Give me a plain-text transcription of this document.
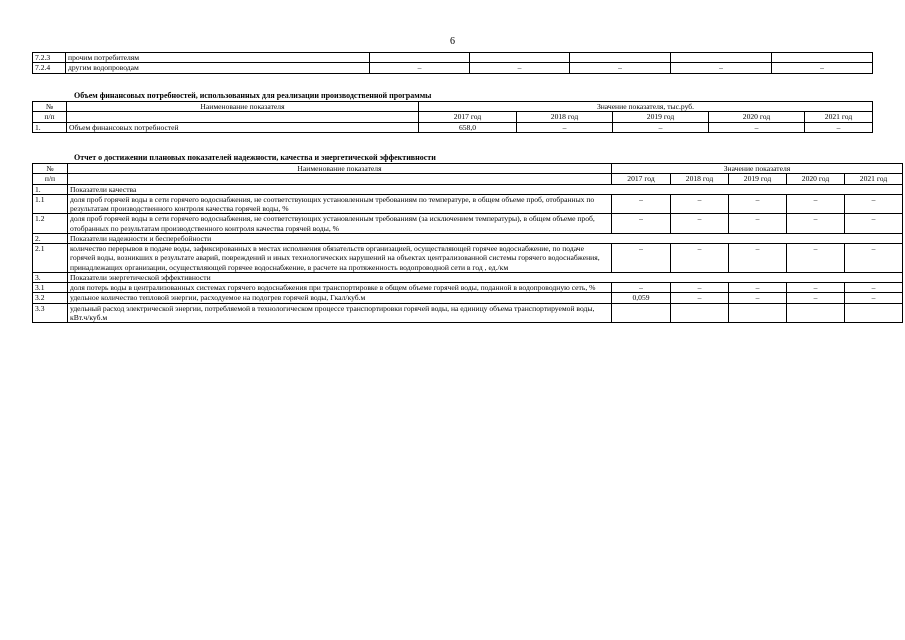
6
7.2.3	прочим потребителям					
7.2.4	другим водопроводам	–	–	–	–	–
Объем финансовых потребностей, использованных для реализации производственной программы
№	Наименование показателя	Значение показателя, тыс.руб.				
п/п		2017 год	2018 год	2019 год	2020 год	2021 год
1.	Объем финансовых потребностей	658,0	–	–	–	–
Отчет о достижении плановых показателей надежности, качества и энергетической эффективности
№	Наименование показателя	Значение показателя				
п/п		2017 год	2018 год	2019 год	2020 год	2021 год
1.	Показатели качества					
1.1	доля проб горячей воды в сети горячего водоснабжения, не соответствующих установленным требованиям по температуре, в общем объеме проб, отобранных по результатам производственного контроля качества горячей воды, %	–	–	–	–	–
1.2	доля проб горячей воды в сети горячего водоснабжения, не соответствующих установленным требованиям (за исключением температуры), в общем объеме проб, отобранных по результатам производственного контроля качества горячей воды, %	–	–	–	–	–
2.	Показатели надежности и бесперебойности					
2.1	количество перерывов в подаче воды, зафиксированных в местах исполнения обязательств организацией, осуществляющей горячее водоснабжение, по подаче горячей воды, возникших в результате аварий, повреждений и иных технологических нарушений на объектах централизованной системы горячего водоснабжения, принадлежащих организации, осуществляющей горячее водоснабжение, в расчете на протяженность водопроводной сети в год , ед./км	–	–	–	–	–
3.	Показатели энергетической эффективности					
3.1	доля потерь воды в централизованных системах горячего водоснабжения при транспортировке в общем объеме горячей воды, поданной в водопроводную сеть, %	–	–	–	–	–
3.2	удельное количество тепловой энергии, расходуемое на подогрев горячей воды, Гкал/куб.м	0,059	–	–	–	–
3.3	удельный расход электрической энергии, потребляемой в технологическом процессе транспортировки горячей воды, на единицу объема транспортируемой воды, кВт.ч/куб.м					
